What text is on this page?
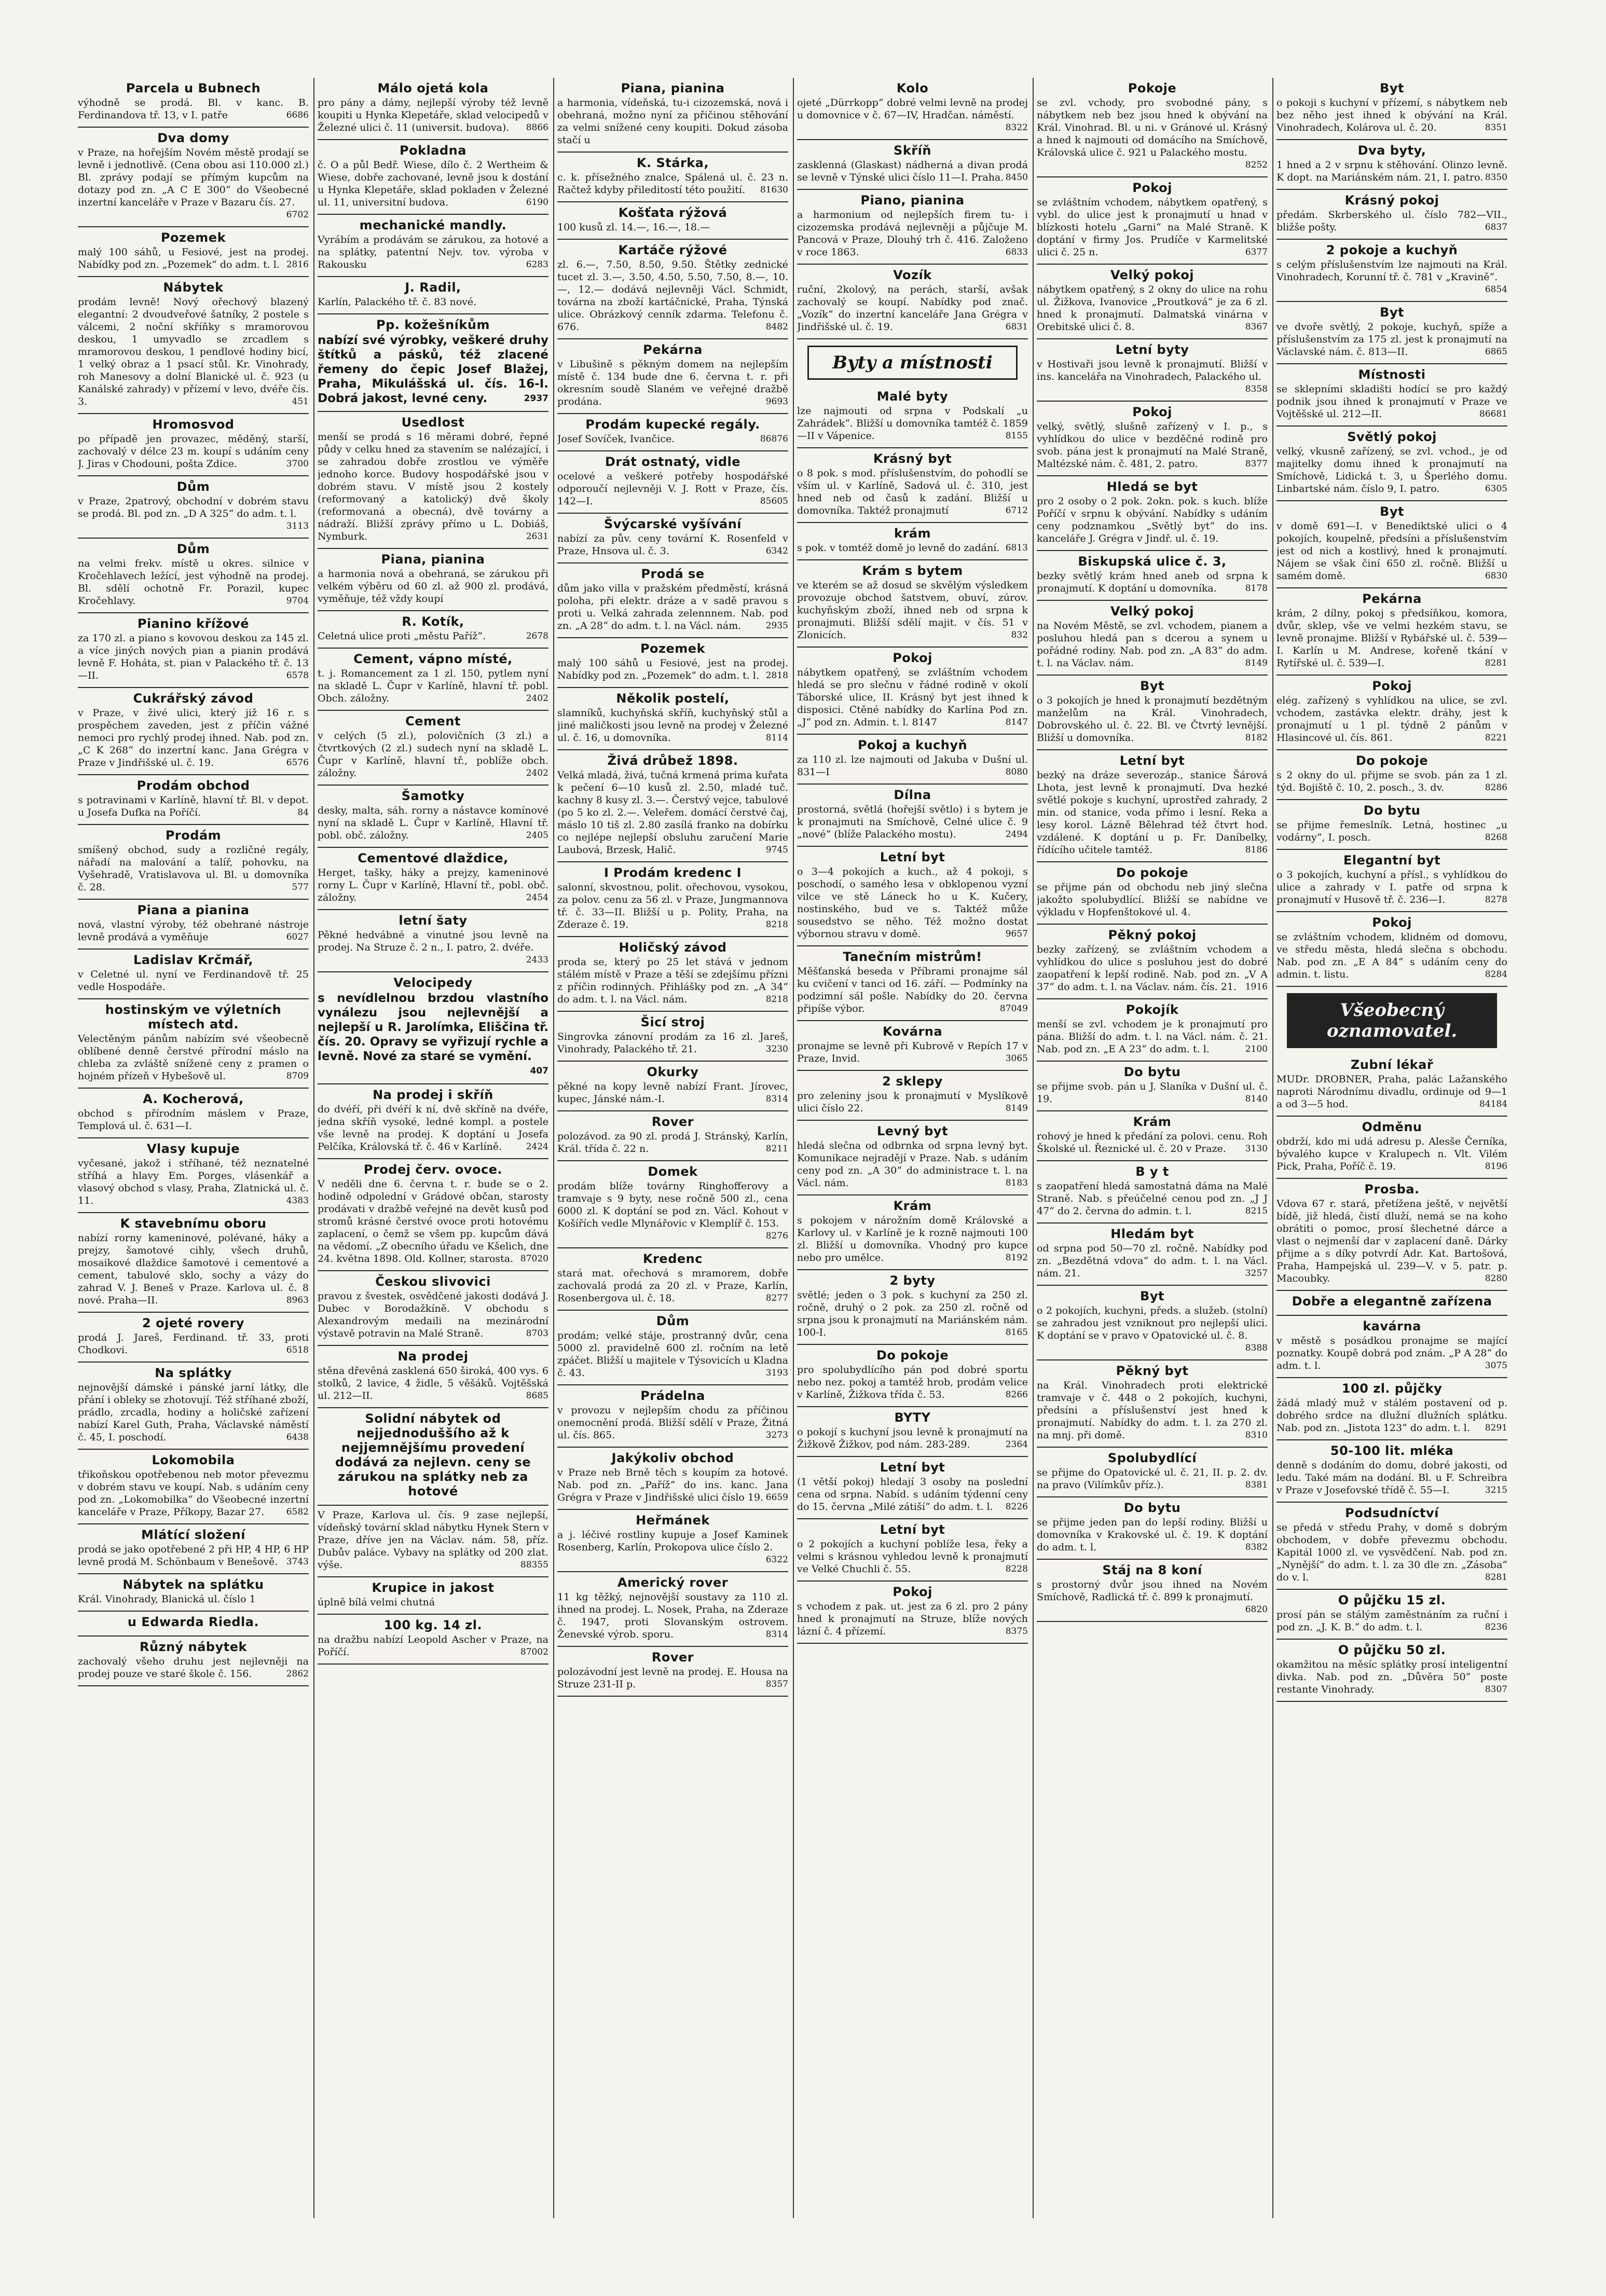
Parcela u Bubnech

výhodně se prodá. Bl. v kanc. B. Ferdinandova tř. 13, v I. patře	6686

Dva domy

v Praze, na hořejším Novém městě prodají se levně i jednotlivě. (Cena obou asi 110.000 zl.) Bl. zprávy podají se přímým kupcům na dotazy pod zn. „A C E 300“ do Všeobecné inzertní kanceláře v Praze v Bazaru čís. 27.
6702

Pozemek

malý 100 sáhů, u Fesiové, jest na prodej. Nabídky pod zn. „Pozemek“ do adm. t. l. 2816

Nábytek

prodám levně! Nový ořechový blazený elegantní: 2 dvoudveřové šatníky, 2 postele s válcemi, 2 noční skříňky s mramorovou deskou, 1 umyvadlo se zrcadlem s mramorovou deskou, 1 pendlové hodiny bicí, 1 velký obraz a 1 psací stůl. Kr. Vinohrady, roh Manesovy a dolní Blanické ul. č. 923 (u Kanálské zahrady) v přízemí v levo, dvéře čís. 3.	451

Hromosvod

po případě jen provazec, měděný, starší, zachovalý v délce 23 m. koupí s udáním ceny J. Jiras v Chodouni, pošta Zdice.	3700

Dům

v Praze, 2patrový, obchodní v dobrém stavu se prodá. Bl. pod zn. „D A 325“ do adm. t. l.
3113

Dům

na velmi frekv. místě u okres. silnice v Kročehlavech ležící, jest výhodně na prodej. Bl. sdělí ochotně Fr. Porazil, kupec Kročehlavy.	9704

Pianino křížové

za 170 zl. a piano s kovovou deskou za 145 zl. a více jiných nových pian a pianin prodává levně F. Hoháta, st. pian v Palackého tř. č. 13—II.	6578

Cukrářský závod

v Praze, v živé ulici, který již 16 r. s prospěchem zaveden, jest z příčin vážné nemoci pro rychlý prodej ihned. Nab. pod zn. „C K 268“ do inzertní kanc. Jana Grégra v Praze v Jindřišské ul. č. 19.	6576

Prodám obchod

s potravinami v Karlíně, hlavní tř. Bl. v depot. u Josefa Dufka na Poříčí.	84

Prodám

smíšený obchod, sudy a rozličné regály, nářadí na malování a talíř, pohovku, na Vyšehradě, Vratislavova ul. Bl. u domovníka č. 28.	577

Piana a pianina

nová, vlastní výroby, též obehrané nástroje levně prodává a vyměňuje	6027

Ladislav Krčmář,

v Celetné ul. nyní ve Ferdinandově tř. 25 vedle Hospodáře.

hostinským ve výletních místech atd.

Velectěným pánům nabízím své všeobecně oblíbené denně čerstvé přírodní máslo na chleba za zvláště snížené ceny z pramen o hojném přízeň v Hybešově ul.	8709

A. Kocherová,

obchod s přírodním máslem v Praze, Templová ul. č. 631—I.

Vlasy kupuje

vyčesané, jakož i stříhané, též neznatelné stříhá a hlavy Em. Porges, vlásenkář a vlasový obchod s vlasy, Praha, Zlatnická ul. č. 11.	4383

K stavebnímu oboru

nabízí rorny kameninové, polévané, háky a prejzy, šamotové cihly, všech druhů, mosaikové dlaždice šamotové i cementové a cement, tabulové sklo, sochy a vázy do zahrad V. J. Beneš v Praze. Karlova ul. č. 8 nové. Praha—II.	8963

2 ojeté rovery

prodá J. Jareš, Ferdinand. tř. 33, proti Chodkovi.	6518

Na splátky

nejnovější dámské i pánské jarní látky, dle přání i obleky se zhotovují. Též stříhané zboží, prádlo, zrcadla, hodiny a holičské zařízení nabízí Karel Guth, Praha, Václavské náměstí č. 45, I. poschodí.	6438

Lokomobila

třikoňskou opotřebenou neb motor převezmu v dobrém stavu ve koupí. Nab. s udáním ceny pod zn. „Lokomobilka“ do Všeobecné inzertní kanceláře v Praze, Příkopy, Bazar 27. 6582

Mlátící složení

prodá se jako opotřebené 2 při HP, 4 HP, 6 HP levně prodá M. Schönbaum v Benešově. 3743

Nábytek na splátku

Král. Vinohrady, Blanická ul. číslo 1

u Edwarda Riedla.
Různý nábytek

zachovalý všeho druhu jest nejlevněji na prodej pouze ve staré škole č. 156.	2862

Málo ojetá kola

pro pány a dámy, nejlepší výroby též levně koupiti u Hynka Klepetáře, sklad velocipedů v Železné ulici č. 11 (universit. budova). 8866

Pokladna

č. O a půl Bedř. Wiese, dílo č. 2 Wertheim & Wiese, dobře zachované, levně jsou k dostání u Hynka Klepetáře, sklad pokladen v Železné ul. 11, universitní budova.	6190

mechanické mandly.

Vyrábím a prodávám se zárukou, za hotové a na splátky, patentní Nejv. tov. výroba v Rakousku	6283

J. Radil,

Karlín, Palackého tř. č. 83 nové.

Pp. kožešníkům

nabízí své výrobky, veškeré druhy štítků a pásků, též zlacené řemeny do čepic Josef Blažej, Praha, Mikulášská ul. čís. 16-I. Dobrá jakost, levné ceny.	2937

Usedlost

menší se prodá s 16 měrami dobré, řepné půdy v celku hned za stavením se nalézající, i se zahradou dobře zrostlou ve výměře jednoho korce. Budovy hospodářské jsou v dobrém stavu. V místě jsou 2 kostely (reformovaný a katolický) dvě školy (reformovaná a obecná), dvě továrny a nádraží. Bližší zprávy přímo u L. Dobiáš, Nymburk.	2631

Piana, pianina

a harmonia nová a obehraná, se zárukou při velkém výběru od 60 zl. až 900 zl. prodává, vyměňuje, též vždy koupí

R. Kotík,

Celetná ulice proti „městu Paříž“.	2678

Cement, vápno místé,

t. j. Romancement za 1 zl. 150, pytlem nyní na skladě L. Čupr v Karlíně, hlavní tř. pobl. Obch. záložny.	2402

Cement

v celých (5 zl.), polovičních (3 zl.) a čtvrtkových (2 zl.) sudech nyní na skladě L. Čupr v Karlíně, hlavní tř., poblíže obch. záložny.	2402

Šamotky

desky, malta, sáh. rorny a nástavce komínové nyní na skladě L. Čupr v Karlíně, Hlavní tř. pobl. obč. záložny.	2405

Cementové dlaždice,

Herget, tašky, háky a prejzy, kameninové rorny L. Čupr v Karlíně, Hlavní tř., pobl. obč. záložny.	2454

letní šaty

Pěkné hedvábné a vinutné jsou levně na prodej. Na Struze č. 2 n., I. patro, 2. dvéře.
2433

Velocipedy

s nevídlelnou brzdou vlastního vynálezu jsou nejlevnější a nejlepší u R. Jarolímka, Eliščina tř. čís. 20. Opravy se vyřizují rychle a levně. Nové za staré se vymění.
407

Na prodej i skříň

do dvéří, při dvéří k ní, dvě skříně na dvéře, jedna skříň vysoké, ledné kompl. a postele vše levně na prodej. K doptání u Josefa Pelčíka, Královská tř. č. 46 v Karlíně.	2424

Prodej červ. ovoce.

V neděli dne 6. června t. r. bude se o 2. hodině odpolední v Grádové občan, starosty prodávati v dražbě veřejné na devět kusů pod stromů krásné čerstvé ovoce proti hotovému zaplacení, o čemž se všem pp. kupcům dává na vědomí. „Z obecního úřadu ve Kšelich, dne 24. května 1898. Old. Kollner, starosta. 87020

Českou slivovici

pravou z švestek, osvědčené jakosti dodává J. Dubec v Borodažkíně. V obchodu s Alexandrovým medaili na mezinárodní výstavě potravin na Malé Straně.	8703

Na prodej

stěna dřevěná zasklená 650 široká, 400 vys. 6 stolků, 2 lavice, 4 židle, 5 věšáků. Vojtěšská ul. 212—II.	8685

Solidní nábytek od nejjednoduššího až k nejjemnějšímu provedení dodává za nejlevn. ceny se zárukou na splátky neb za hotové

V Praze, Karlova ul. čís. 9 zase nejlepší, vídeňský tovární sklad nábytku Hynek Stern v Praze, dříve jen na Václav. nám. 58, příz. Dubův paláce. Vybavy na splátky od 200 zlat. výše.	88355

Krupice in jakost

úplně bílá velmi chutná

100 kg. 14 zl.

na dražbu nabízí Leopold Ascher v Praze, na Poříčí.	87002

Piana, pianina

a harmonia, vídeňská, tu-i cizozemská, nová i obehraná, možno nyní za přičinou stěhování za velmi snížené ceny koupiti. Dokud zásoba stačí u

K. Stárka,

c. k. přísežného znalce, Spálená ul. č. 23 n. Račtež kdyby přileditostí této použití. 81630

Košťata rýžová

100 kusů zl. 14.—, 16.—, 18.—

Kartáče rýžové

zl. 6.—, 7.50, 8.50, 9.50. Štětky zednické tucet zl. 3.—, 3.50, 4.50, 5.50, 7.50, 8.—, 10.—, 12.— dodává nejlevněji Václ. Schmidt, továrna na zboží kartáčnické, Praha, Týnská ulice. Obrázkový cenník zdarma. Telefonu č. 676.	8482

Pekárna

v Libušině s pěkným domem na nejlepším místě č. 134 bude dne 6. června t. r. při okresním soudě Slaném ve veřejné dražbě prodána.	9693

Prodám kupecké regály.

Josef Sovíček, Ivančice.	86876

Drát ostnatý, vidle

ocelové a veškeré potřeby hospodářské odporoučí nejlevněji V. J. Rott v Praze, čís. 142—I.	85605

Švýcarské vyšívání

nabízí za pův. ceny tovární K. Rosenfeld v Praze, Hnsova ul. č. 3.	6342

Prodá se

dům jako villa v pražském předměstí, krásná poloha, při elektr. dráze a v sadě pravou s proti u. Velká zahrada zelennnem. Nab. pod zn. „A 28“ do adm. t. l. na Václ. nám.	2935

Pozemek

malý 100 sáhů u Fesiové, jest na prodej. Nabídky pod zn. „Pozemek“ do adm. t. l. 2818

Několik postelí,

slamníků, kuchyňská skříň, kuchyňský stůl a jiné maličkosti jsou levně na prodej v Železné ul. č. 16, u domovníka.	8114

Živá drůbež 1898.

Velká mladá, živá, tučná krmená prima kuřata k pečení 6—10 kusů zl. 2.50, mladé tuč. kachny 8 kusy zl. 3.—. Čerstvý vejce, tabulové (po 5 ko zl. 2.—. Veleřem. domácí čerstvé čaj, máslo 10 tiš zl. 2.80 zasílá franko na dobírku co nejlépe nejlepší obsluhu zaručení Marie Laubová, Brzesk, Halič.	9745

I Prodám kredenc I

salonní, skvostnou, polit. ořechovou, vysokou, za polov. cenu za 56 zl. v Praze, Jungmannova tř. č. 33—II. Bližší u p. Polity, Praha, na Zderaze č. 19.	8218

Holičský závod

proda se, který po 25 let stává v jednom stálém místě v Praze a těší se zdejšímu přízni z příčin rodinných. Přihlášky pod zn. „A 34“ do adm. t. l. na Václ. nám.	8218

Šicí stroj

Singrovka zánovní prodám za 16 zl. Jareš, Vinohrady, Palackého tř. 21.	3230

Okurky

pěkné na kopy levně nabízí Frant. Jírovec, kupec, Jánské nám.-I.	8314

Rover

polozávod. za 90 zl. prodá J. Stránský, Karlín, Král. třída č. 22 n.	8211

Domek

prodám blíže továrny Ringhofferovy a tramvaje s 9 byty, nese ročně 500 zl., cena 6000 zl. K doptání se pod zn. Václ. Kohout v Košířích vedle Mlynářovic v Klemplíř č. 153.
8276

Kredenc

stará mat. ořechová s mramorem, dobře zachovalá prodá za 20 zl. v Praze, Karlín, Rosenbergova ul. č. 18.	8277

Dům

prodám; velké stáje, prostranný dvůr, cena 5000 zl. pravidelně 600 zl. ročním na letě zpáčet. Bližší u majitele v Týsovicích u Kladna č. 43.	3193

Prádelna

v provozu v nejlepším chodu za příčinou onemocnění prodá. Bližší sdělí v Praze, Žitná ul. čís. 865.	3273

Jakýkoliv obchod

v Praze neb Brně těch s koupím za hotové. Nab. pod zn. „Paříž“ do ins. kanc. Jana Grégra v Praze v Jindřišské ulici číslo 19. 6659

Heřmánek

a j. léčivé rostliny kupuje a Josef Kaminek Rosenberg, Karlín, Prokopova ulice číslo 2.
6322

Americký rover

11 kg těžký, nejnovější soustavy za 110 zl. ihned na prodej. L. Nosek, Praha, na Zderaze č. 1947, proti Slovanským ostrovem. Ženevské výrob. sporu.	8314

Rover

polozávodní jest levně na prodej. E. Housa na Struze 231-II p.	8357

Kolo

ojeté „Dürrkopp“ dobré velmi levně na prodej u domovnice v č. 67—IV, Hradčan. náměstí.
8322

Skříň

zasklenná (Glaskast) nádherná a divan prodá se levně v Týnské ulici číslo 11—I. Praha. 8450

Piano, pianina

a harmonium od nejlepších firem tu- i cizozemska prodává nejlevněji a půjčuje M. Pancová v Praze, Dlouhý trh č. 416. Založeno v roce 1863.	6833

Vozík

ruční, 2kolový, na perách, starší, avšak zachovalý se koupí. Nabídky pod znač. „Vozík“ do inzertní kanceláře Jana Grégra v Jindřišské ul. č. 19.	6831

Byty a místnosti
Malé byty

lze najmouti od srpna v Podskalí „u Zahrádek“. Bližší u domovníka tamtéž č. 1859—II v Vápenice.	8155

Krásný byt

o 8 pok. s mod. příslušenstvím, do pohodlí se vším ul. v Karlíně, Sadová ul. č. 310, jest hned neb od časů k zadání. Bližší u domovníka. Taktéž pronajmutí	6712

krám

s pok. v tomtéž domě jo levně do zadání. 6813

Krám s bytem

ve kterém se až dosud se skvělým výsledkem provozuje obchod šatstvem, obuví, zúrov. kuchyňským zboží, ihned neb od srpna k pronajmuti. Bližší sdělí majit. v čís. 51 v Zlonicích.	832

Pokoj

nábytkem opatřený, se zvláštním vchodem hledá se pro slečnu v řádné rodině v okolí Táborské ulice, II. Krásný byt jest ihned k disposici. Ctěné nabídky do Karlína Pod zn. „J“ pod zn. Admin. t. l. 8147	8147

Pokoj a kuchyň

za 110 zl. lze najmouti od Jakuba v Dušní ul. 831—I	8080

Dílna

prostorná, světlá (hořejší světlo) i s bytem je k pronajmuti na Smíchově, Celné ulice č. 9 „nové“ (blíže Palackého mostu).	2494

Letní byt

o 3—4 pokojích a kuch., až 4 pokoji, s poschodí, o samého lesa v obklopenou vyzní vilce ve stě Láneck ho u K. Kučery, nostinského, bud ve s. Taktéž může sousedstvo se něho. Též možno dostat výbornou stravu v domě.	9657

Tanečním mistrům!

Měšťanská beseda v Příbrami pronajme sál ku cvičení v tanci od 16. září. — Podmínky na podzimní sál pošle. Nabídky do 20. června připíše výbor.	87049

Kovárna

pronajme se levně při Kubrově v Repích 17 v Praze, Invid.	3065

2 sklepy

pro zeleniny jsou k pronajmutí v Myslíkově ulici číslo 22.	8149

Levný byt

hledá slečna od odbrnka od srpna levný byt. Komunikace nejradějí v Praze. Nab. s udáním ceny pod zn. „A 30“ do administrace t. l. na Václ. nám.	8183

Krám

s pokojem v nárožním domě Královské a Karlovy ul. v Karlíně je k rozně najmouti 100 zl. Bližší u domovníka. Vhodný pro kupce nebo pro umělce.	8192

2 byty

světlé; jeden o 3 pok. s kuchyní za 250 zl. ročně, druhý o 2 pok. za 250 zl. ročně od srpna jsou k pronajmutí na Mariánském nám. 100-I.	8165

Do pokoje

pro spolubydlícího pán pod dobré sportu nebo nez. pokoj a tamtéž hrob, prodám velice v Karlíně, Žižkova třída č. 53.	8266

BYTY

o pokojí s kuchyní jsou levně k pronajmutí na Žižkově Žižkov, pod nám. 283-289.	2364

Letní byt

(1 větší pokoj) hledají 3 osoby na poslední cena od srpna. Nabíd. s udáním týdenní ceny do 15. června „Milé zátiší“ do adm. t. l. 8226

Letní byt

o 2 pokojích a kuchyní poblíže lesa, řeky a velmi s krásnou vyhledou levně k pronajmutí ve Velké Chuchli č. 55.	8228

Pokoj

s vchodem z pak. ut. jest za 6 zl. pro 2 pány hned k pronajmutí na Struze, blíže nových lázní č. 4 přízemí.	8375

Pokoje

se zvl. vchody, pro svobodné pány, s nábytkem neb bez jsou hned k obývání na Král. Vinohrad. Bl. u ni. v Gránové ul. Krásný a hned k najmouti od domácího na Smíchově, Královská ulice č. 921 u Palackého mostu.
8252

Pokoj

se zvláštním vchodem, nábytkem opatřený, s vybl. do ulice jest k pronajmutí u hnad v blízkosti hotelu „Garni“ na Malé Straně. K doptání v firmy Jos. Prudíče v Karmelitské ulici č. 25 n.	6377

Velký pokoj

nábytkem opatřený, s 2 okny do ulice na rohu ul. Žižkova, Ivanovice „Proutková“ je za 6 zl. hned k pronajmutí. Dalmatská vinárna v Orebitské ulici č. 8.	8367

Letní byty

v Hostivaři jsou levně k pronajmutí. Bližší v ins. kancelářa na Vinohradech, Palackého ul.
8358

Pokoj

velký, světlý, slušně zařízený v I. p., s vyhlídkou do ulice v bezděčné rodině pro svob. pána jest k pronajmutí na Malé Straně, Maltézské nám. č. 481, 2. patro.	8377

Hledá se byt

pro 2 osoby o 2 pok. 2okn. pok. s kuch. blíže Poříčí v srpnu k obývání. Nabídky s udáním ceny podznamkou „Světlý byt“ do ins. kanceláře J. Grégra v Jindř. ul. č. 19.

Biskupská ulice č. 3,

bezky světlý krám hned aneb od srpna k pronajmutí. K doptání u domovníka.	8178

Velký pokoj

na Novém Městě, se zvl. vchodem, pianem a posluhou hledá pan s dcerou a synem u pořádné rodiny. Nab. pod zn. „A 83“ do adm. t. l. na Václav. nám.	8149

Byt

o 3 pokojích je hned k pronajmutí bezdětným manželům na Král. Vinohradech, Dobrovského ul. č. 22. Bl. ve Čtvrtý levnější. Bližší u domovníka.	8182

Letní byt

bezký na dráze severozáp., stanice Šárová Lhota, jest levně k pronajmutí. Dva hezké světlé pokoje s kuchyní, uprostřed zahrady, 2 min. od stanice, voda přímo i lesní. Reka a lesy korol. Lázně Bělehrad též čtvrt hod. vzdálené. K doptání u p. Fr. Daníbelky, řídícího učitele tamtéž.	8186

Do pokoje

se přijme pán od obchodu neb jiný slečna jakožto spolubydlící. Bližší se nabídne ve výkladu v Hopfenštokové ul. 4.

Pěkný pokoj

bezky zařízený, se zvláštním vchodem a vyhlídkou do ulice s posluhou jest do dobré zaopatření k lepší rodině. Nab. pod zn. „V A 37“ do adm. t. l. na Václav. nám. čís. 21. 1916

Pokojík

menší se zvl. vchodem je k pronajmutí pro pána. Bližší do adm. t. l. na Václ. nám. č. 21. Nab. pod zn. „E A 23“ do adm. t. l.	2100

Do bytu

se přijme svob. pán u J. Slaníka v Dušní ul. č. 19.	8140

Krám

rohový je hned k předání za polovi. cenu. Roh Školské ul. Řeznické ul. č. 20 v Praze. 3130

B y t

s zaopatření hledá samostatná dáma na Malé Straně. Nab. s přeúčelné cenou pod zn. „J J 47“ do 2. června do admin. t. l.	8215

Hledám byt

od srpna pod 50—70 zl. ročně. Nabídky pod zn. „Bezdětná vdova“ do adm. t. l. na Václ. nám. 21.	3257

Byt

o 2 pokojích, kuchyni, předs. a služeb. (stolní) se zahradou jest vzniknout pro nejlepší ulici. K doptání se v pravo v Opatovické ul. č. 8.
8388

Pěkný byt

na Král. Vinohradech proti elektrické tramvaje v č. 448 o 2 pokojích, kuchyni, předsíni a příslušenství jest hned k pronajmutí. Nabídky do adm. t. l. za 270 zl. na mnj. při domě.	8310

Spolubydlící

se přijme do Opatovické ul. č. 21, II. p. 2. dv. na pravo (Vilímkův příz.).	8381

Do bytu

se přijme jeden pan do lepší rodiny. Bližší u domovníka v Krakovské ul. č. 19. K doptání do adm. t. l.	8382

Stáj na 8 koní

s prostorný dvůr jsou ihned na Novém Smíchově, Radlická tř. č. 899 k pronajmutí.
6820

Byt

o pokoji s kuchyní v přízemí, s nábytkem neb bez něho jest ihned k obývání na Král. Vinohradech, Kolárova ul. č. 20.	8351

Dva byty,

1 hned a 2 v srpnu k stěhování. Olinzo levně. K dopt. na Mariánském nám. 21, I. patro. 8350

Krásný pokoj

předám. Skrberského ul. číslo 782—VII., bližše pošty.	6837

2 pokoje a kuchyň

s celým příslušenstvím lze najmouti na Král. Vinohradech, Korunní tř. č. 781 v „Kravině“.
6854

Byt

ve dvoře světlý, 2 pokoje, kuchyň, spíže a příslušenstvím za 175 zl. jest k pronajmutí na Václavské nám. č. 813—II.	6865

Místnosti

se sklepními skladišti hodící se pro každý podnik jsou ihned k pronajmutí v Praze ve Vojtěšské ul. 212—II.	86681

Světlý pokoj

velký, vkusně zařízený, se zvl. vchod., je od majitelky domu ihned k pronajmutí na Smíchově, Lidická t. 3, u Šperlého domu. Linbartské nám. číslo 9, I. patro.	6305

Byt

v domě 691—I. v Benediktské ulici o 4 pokojích, koupelně, předsíni a příslušenstvím jest od nich a kostlivý, hned k pronajmutí. Nájem se však činí 650 zl. ročně. Bližší u samém domě.	6830

Pekárna

krám, 2 dílny, pokoj s předsíňkou, komora, dvůr, sklep, vše ve velmi hezkém stavu, se levně pronajme. Bližší v Rybářské ul. č. 539—I. Karlín u M. Andrese, kořeně tkání v Rytířské ul. č. 539—I.	8281

Pokoj

elég. zařízený s vyhlídkou na ulice, se zvl. vchodem, zastávka elektr. dráhy, jest k pronajmutí u 1 pl. týdně 2 pánům v Hlasincové ul. čís. 861.	8221

Do pokoje

s 2 okny do ul. přijme se svob. pán za 1 zl. týd. Bojiště č. 10, 2. posch., 3. dv.	8286

Do bytu

se přijme řemeslník. Letná, hostinec „u vodárny“, I. posch.	8268

Elegantní byt

o 3 pokojích, kuchyní a přísl., s vyhlídkou do ulice a zahrady v I. patře od srpna k pronajmutí v Husově tř. č. 236—I.	8278

Pokoj

se zvláštním vchodem, klidném od domovu, ve středu města, hledá slečna s obchodu. Nab. pod zn. „E A 84“ s udáním ceny do admin. t. listu.	8284

Všeobecný oznamovatel.
Zubní lékař

MUDr. DROBNER, Praha, palác Lažanského naproti Národnímu divadlu, ordinuje od 9—1 a od 3—5 hod.	84184

Odměnu

obdrží, kdo mi udá adresu p. Alesše Černíka, bývalého kupce v Kralupech n. Vlt. Vilém Pick, Praha, Poříč č. 19.	8196

Prosba.

Vdova 67 r. stará, přetížena ještě, v největší bídě, již hledá, čistí dluží, nemá se na koho obrátiti o pomoc, prosí šlechetné dárce a vlast o nejmenší dar v zaplacení daně. Dárky přijme a s díky potvrdí Adr. Kat. Bartošová, Praha, Hampejská ul. 239—V. v 5. patr. p. Macoubky.	8280

Dobře a elegantně zařízena
kavárna

v městě s posádkou pronajme se mající poznatky. Koupě dobrá pod znám. „P A 28“ do adm. t. l.	3075

100 zl. půjčky

žádá mladý muž v stálém postavení od p. dobrého srdce na dlužní dlužních splátku. Nab. pod zn. „Jistota 123“ do adm. t. l. 8291

50-100 lit. mléka

denně s dodáním do domu, dobré jakosti, od ledu. Také mám na dodání. Bl. u F. Schreibra v Praze v Josefovské třídě č. 55—I.	3215

Podsudníctví

se předá v středu Prahy, v domě s dobrým obchodem, v dobře převezmu obchodu. Kapitál 1000 zl. ve vysvědčení. Nab. pod zn. „Nynější“ do adm. t. l. za 30 dle zn. „Zásoba“ do v. l.	8281

O půjčku 15 zl.

prosí pán se stálým zaměstnáním za ruční i pod zn. „J. K. B.“ do adm. t. l.	8236

O půjčku 50 zl.

okamžitou na měsíc splátky prosí inteligentní divka. Nab. pod zn. „Důvěra 50“ poste restante Vinohrady.	8307
